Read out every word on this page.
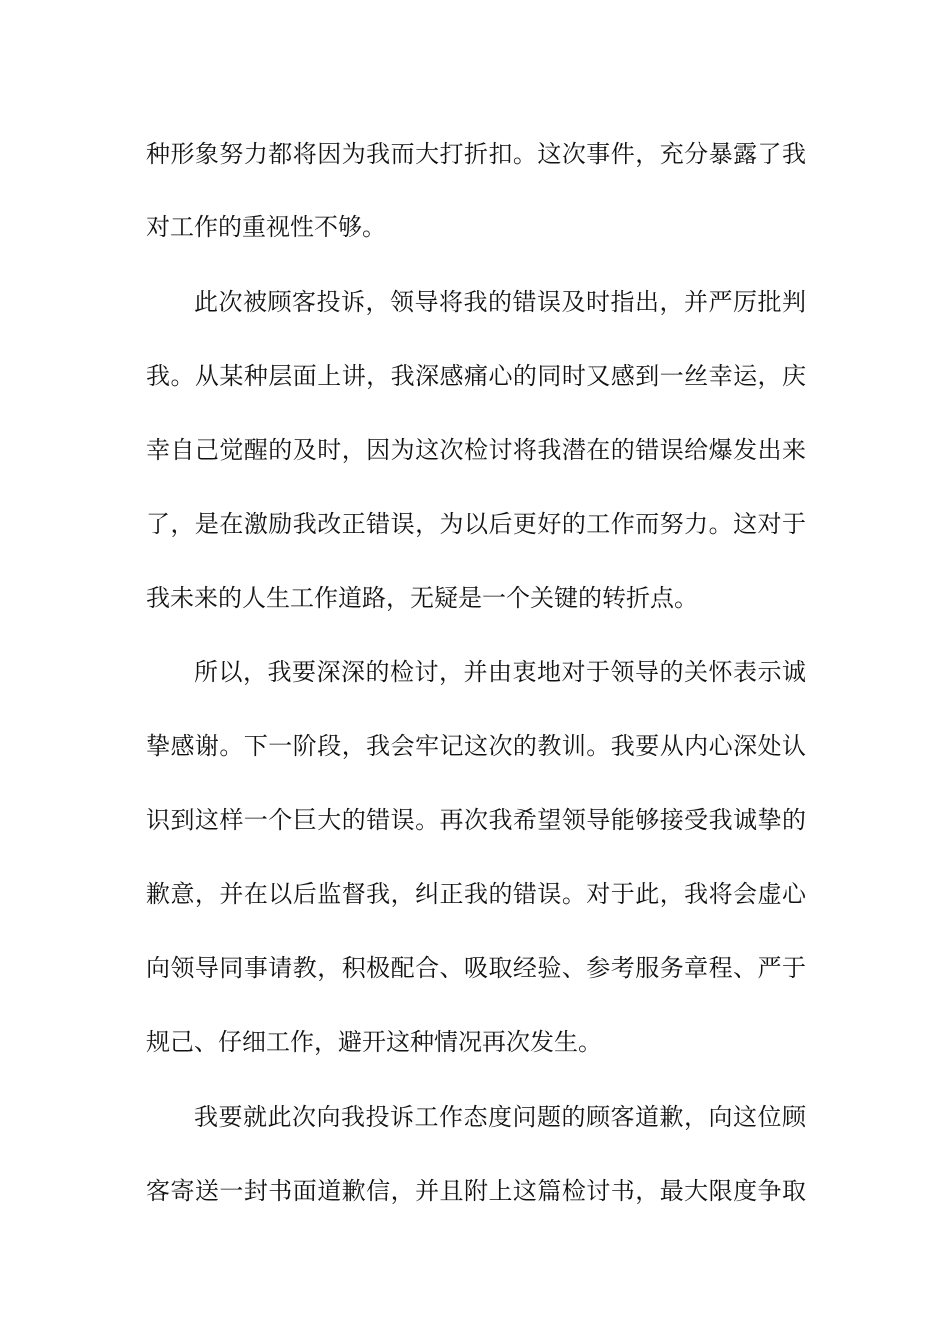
种形象努力都将因为我而大打折扣。这次事件，充分暴露了我
对工作的重视性不够。
此次被顾客投诉，领导将我的错误及时指出，并严厉批判
我。从某种层面上讲，我深感痛心的同时又感到一丝幸运，庆
幸自己觉醒的及时，因为这次检讨将我潜在的错误给爆发出来
了，是在激励我改正错误，为以后更好的工作而努力。这对于
我未来的人生工作道路，无疑是一个关键的转折点。
所以，我要深深的检讨，并由衷地对于领导的关怀表示诚
挚感谢。下一阶段，我会牢记这次的教训。我要从内心深处认
识到这样一个巨大的错误。再次我希望领导能够接受我诚挚的
歉意，并在以后监督我，纠正我的错误。对于此，我将会虚心
向领导同事请教，积极配合、吸取经验、参考服务章程、严于
规己、仔细工作，避开这种情况再次发生。
我要就此次向我投诉工作态度问题的顾客道歉，向这位顾
客寄送一封书面道歉信，并且附上这篇检讨书，最大限度争取
